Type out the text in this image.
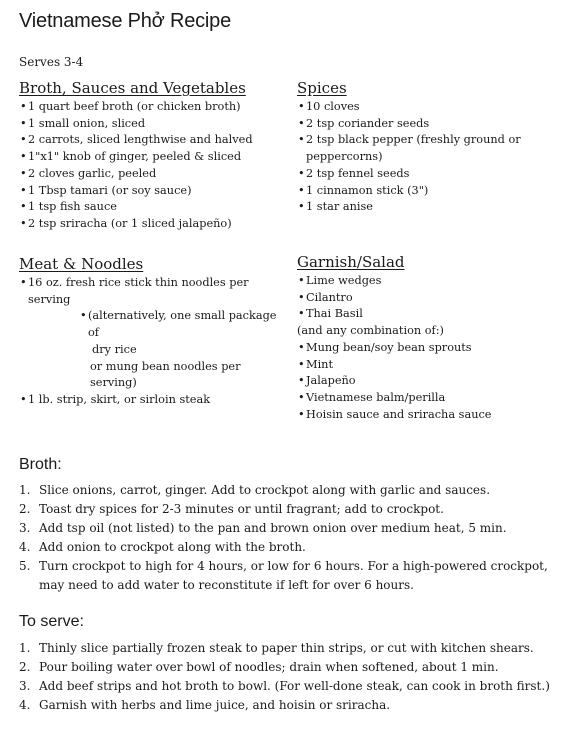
Vietnamese Phở Recipe
Serves 3-4
Broth, Sauces and Vegetables
• 1 quart beef broth (or chicken broth)
• 1 small onion, sliced
• 2 carrots, sliced lengthwise and halved
• 1"x1" knob of ginger, peeled & sliced
• 2 cloves garlic, peeled
• 1 Tbsp tamari (or soy sauce)
• 1 tsp fish sauce
• 2 tsp sriracha (or 1 sliced jalapeño)
Spices
• 10 cloves
• 2 tsp coriander seeds
• 2 tsp black pepper (freshly ground or
peppercorns)
• 2 tsp fennel seeds
• 1 cinnamon stick (3")
• 1 star anise
Meat & Noodles
• 16 oz. fresh rice stick thin noodles per serving
• (alternatively, one small package of
dry rice
or mung bean noodles per serving)
• 1 lb. strip, skirt, or sirloin steak
Garnish/Salad
• Lime wedges
• Cilantro
• Thai Basil
(and any combination of:)
• Mung bean/soy bean sprouts
• Mint
• Jalapeño
• Vietnamese balm/perilla
• Hoisin sauce and sriracha sauce
Broth:
1. Slice onions, carrot, ginger. Add to crockpot along with garlic and sauces.
2. Toast dry spices for 2-3 minutes or until fragrant; add to crockpot.
3. Add tsp oil (not listed) to the pan and brown onion over medium heat, 5 min.
4. Add onion to crockpot along with the broth.
5. Turn crockpot to high for 4 hours, or low for 6 hours. For a high-powered crockpot, may need to add water to reconstitute if left for over 6 hours.
To serve:
1. Thinly slice partially frozen steak to paper thin strips, or cut with kitchen shears.
2. Pour boiling water over bowl of noodles; drain when softened, about 1 min.
3. Add beef strips and hot broth to bowl. (For well-done steak, can cook in broth first.)
4. Garnish with herbs and lime juice, and hoisin or sriracha.
